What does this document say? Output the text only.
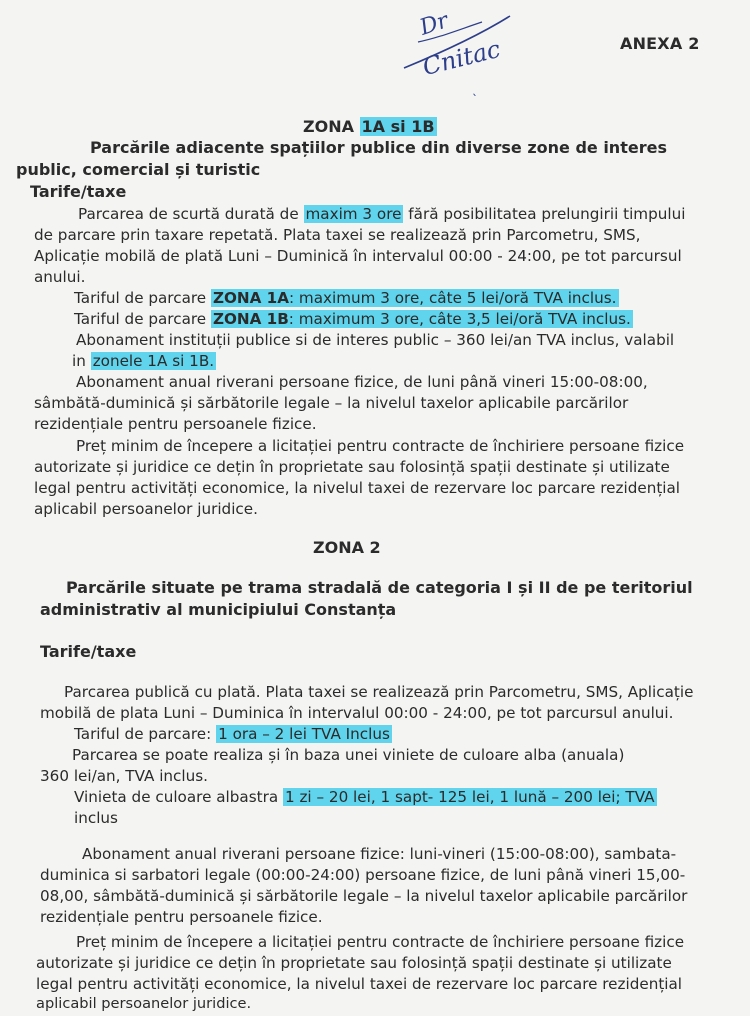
ANEXA 2
Dr
Cnitac
ˎ
ZONA 1A si 1B
Parcările adiacente spațiilor publice din diverse zone de interes
public, comercial și turistic
Tarife/taxe
Parcarea de scurtă durată de maxim 3 ore fără posibilitatea prelungirii timpului
de parcare prin taxare repetată. Plata taxei se realizează prin Parcometru, SMS,
Aplicație mobilă de plată Luni – Duminică în intervalul 00:00 - 24:00, pe tot parcursul
anului.
Tariful de parcare ZONA 1A: maximum 3 ore, câte 5 lei/oră TVA inclus.
Tariful de parcare ZONA 1B: maximum 3 ore, câte 3,5 lei/oră TVA inclus.
Abonament instituții publice si de interes public – 360 lei/an TVA inclus, valabil
in zonele 1A si 1B.
Abonament anual riverani persoane fizice, de luni până vineri 15:00-08:00,
sâmbătă-duminică și sărbătorile legale – la nivelul taxelor aplicabile parcărilor
rezidențiale pentru persoanele fizice.
Preț minim de începere a licitației pentru contracte de închiriere persoane fizice
autorizate și juridice ce dețin în proprietate sau folosință spații destinate și utilizate
legal pentru activități economice, la nivelul taxei de rezervare loc parcare rezidențial
aplicabil persoanelor juridice.
ZONA 2
Parcările situate pe trama stradală de categoria I și II de pe teritoriul
administrativ al municipiului Constanța
Tarife/taxe
Parcarea publică cu plată. Plata taxei se realizează prin Parcometru, SMS, Aplicație
mobilă de plata Luni – Duminica în intervalul 00:00 - 24:00, pe tot parcursul anului.
Tariful de parcare: 1 ora – 2 lei TVA Inclus
Parcarea se poate realiza și în baza unei viniete de culoare alba (anuala)
360 lei/an, TVA inclus.
Vinieta de culoare albastra 1 zi – 20 lei, 1 sapt- 125 lei, 1 lună – 200 lei; TVA
inclus
Abonament anual riverani persoane fizice: luni-vineri (15:00-08:00), sambata-
duminica si sarbatori legale (00:00-24:00) persoane fizice, de luni până vineri 15,00-
08,00, sâmbătă-duminică și sărbătorile legale – la nivelul taxelor aplicabile parcărilor
rezidențiale pentru persoanele fizice.
Preț minim de începere a licitației pentru contracte de închiriere persoane fizice
autorizate și juridice ce dețin în proprietate sau folosință spații destinate și utilizate
legal pentru activități economice, la nivelul taxei de rezervare loc parcare rezidențial
aplicabil persoanelor juridice.
